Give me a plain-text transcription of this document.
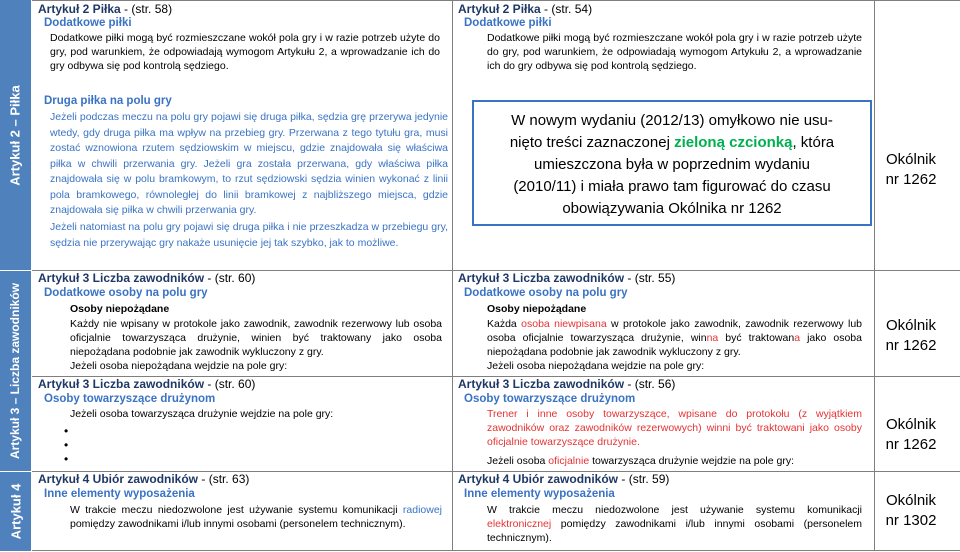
Artykuł 2 – Piłka
Artykuł 3 – Liczba zawodników
Artykuł 4
Artykuł 2 Piłka - (str. 58)
Dodatkowe piłki
Dodatkowe piłki mogą być rozmieszczane wokół pola gry i w razie potrzeb użyte do gry, pod warunkiem, że odpowiadają wymogom Artykułu 2, a wprowadzanie ich do gry odbywa się pod kontrolą sędziego.
Druga piłka na polu gry
Jeżeli podczas meczu na polu gry pojawi się druga piłka, sędzia grę przerywa jedynie wtedy, gdy druga piłka ma wpływ na przebieg gry. Przerwana z tego tytułu gra, musi zostać wznowiona rzutem sędziowskim w miejscu, gdzie znajdowała się właściwa piłka w chwili przerwania gry. Jeżeli gra została przerwana, gdy właściwa piłka znajdowała się w polu bramkowym, to rzut sędziowski sędzia winien wykonać z linii pola bramkowego, równoległej do linii bramkowej z najbliższego miejsca, gdzie znajdowała się piłka w chwili przerwania gry.
Jeżeli natomiast na polu gry pojawi się druga piłka i nie przeszkadza w przebiegu gry, sędzia nie przerywając gry nakaże usunięcie jej tak szybko, jak to możliwe.
Artykuł 3 Liczba zawodników - (str. 60)
Dodatkowe osoby na polu gry
Osoby niepożądane
Każdy nie wpisany w protokole jako zawodnik, zawodnik rezerwowy lub osoba oficjalnie towarzysząca drużynie, winien być traktowany jako osoba niepożądana podobnie jak zawodnik wykluczony z gry.
Jeżeli osoba niepożądana wejdzie na pole gry:
Artykuł 3 Liczba zawodników - (str. 60)
Osoby towarzyszące drużynom
Jeżeli osoba towarzysząca drużynie wejdzie na pole gry:
•
•
•
Artykuł 4 Ubiór zawodników - (str. 63)
Inne elementy wyposażenia
W trakcie meczu niedozwolone jest używanie systemu komunikacji radiowej pomiędzy zawodnikami i/lub innymi osobami (personelem technicznym).
Artykuł 2 Piłka - (str. 54)
Dodatkowe piłki
Dodatkowe piłki mogą być rozmieszczane wokół pola gry i w razie potrzeb użyte do gry, pod warunkiem, że odpowiadają wymogom Artykułu 2, a wprowadzanie ich do gry odbywa się pod kontrolą sędziego.
W nowym wydaniu (2012/13) omyłkowo nie usu-
nięto treści zaznaczonej zieloną czcionką, która
umieszczona była w poprzednim wydaniu
(2010/11) i miała prawo tam figurować do czasu
obowiązywania Okólnika nr 1262
Artykuł 3 Liczba zawodników - (str. 55)
Dodatkowe osoby na polu gry
Osoby niepożądane
Każda osoba niewpisana w protokole jako zawodnik, zawodnik rezerwowy lub osoba oficjalnie towarzysząca drużynie, winna być traktowana jako osoba niepożądana podobnie jak zawodnik wykluczony z gry.
Jeżeli osoba niepożądana wejdzie na pole gry:
Artykuł 3 Liczba zawodników - (str. 56)
Osoby towarzyszące drużynom
Trener i inne osoby towarzyszące, wpisane do protokołu (z wyjątkiem zawodników oraz zawodników rezerwowych) winni być traktowani jako osoby oficjalnie towarzyszące drużynie.
Jeżeli osoba oficjalnie towarzysząca drużynie wejdzie na pole gry:
Artykuł 4 Ubiór zawodników - (str. 59)
Inne elementy wyposażenia
W trakcie meczu niedozwolone jest używanie systemu komunikacji elektronicznej pomiędzy zawodnikami i/lub innymi osobami (personelem technicznym).
Okólnik
nr 1262
Okólnik
nr 1262
Okólnik
nr 1262
Okólnik
nr 1302
